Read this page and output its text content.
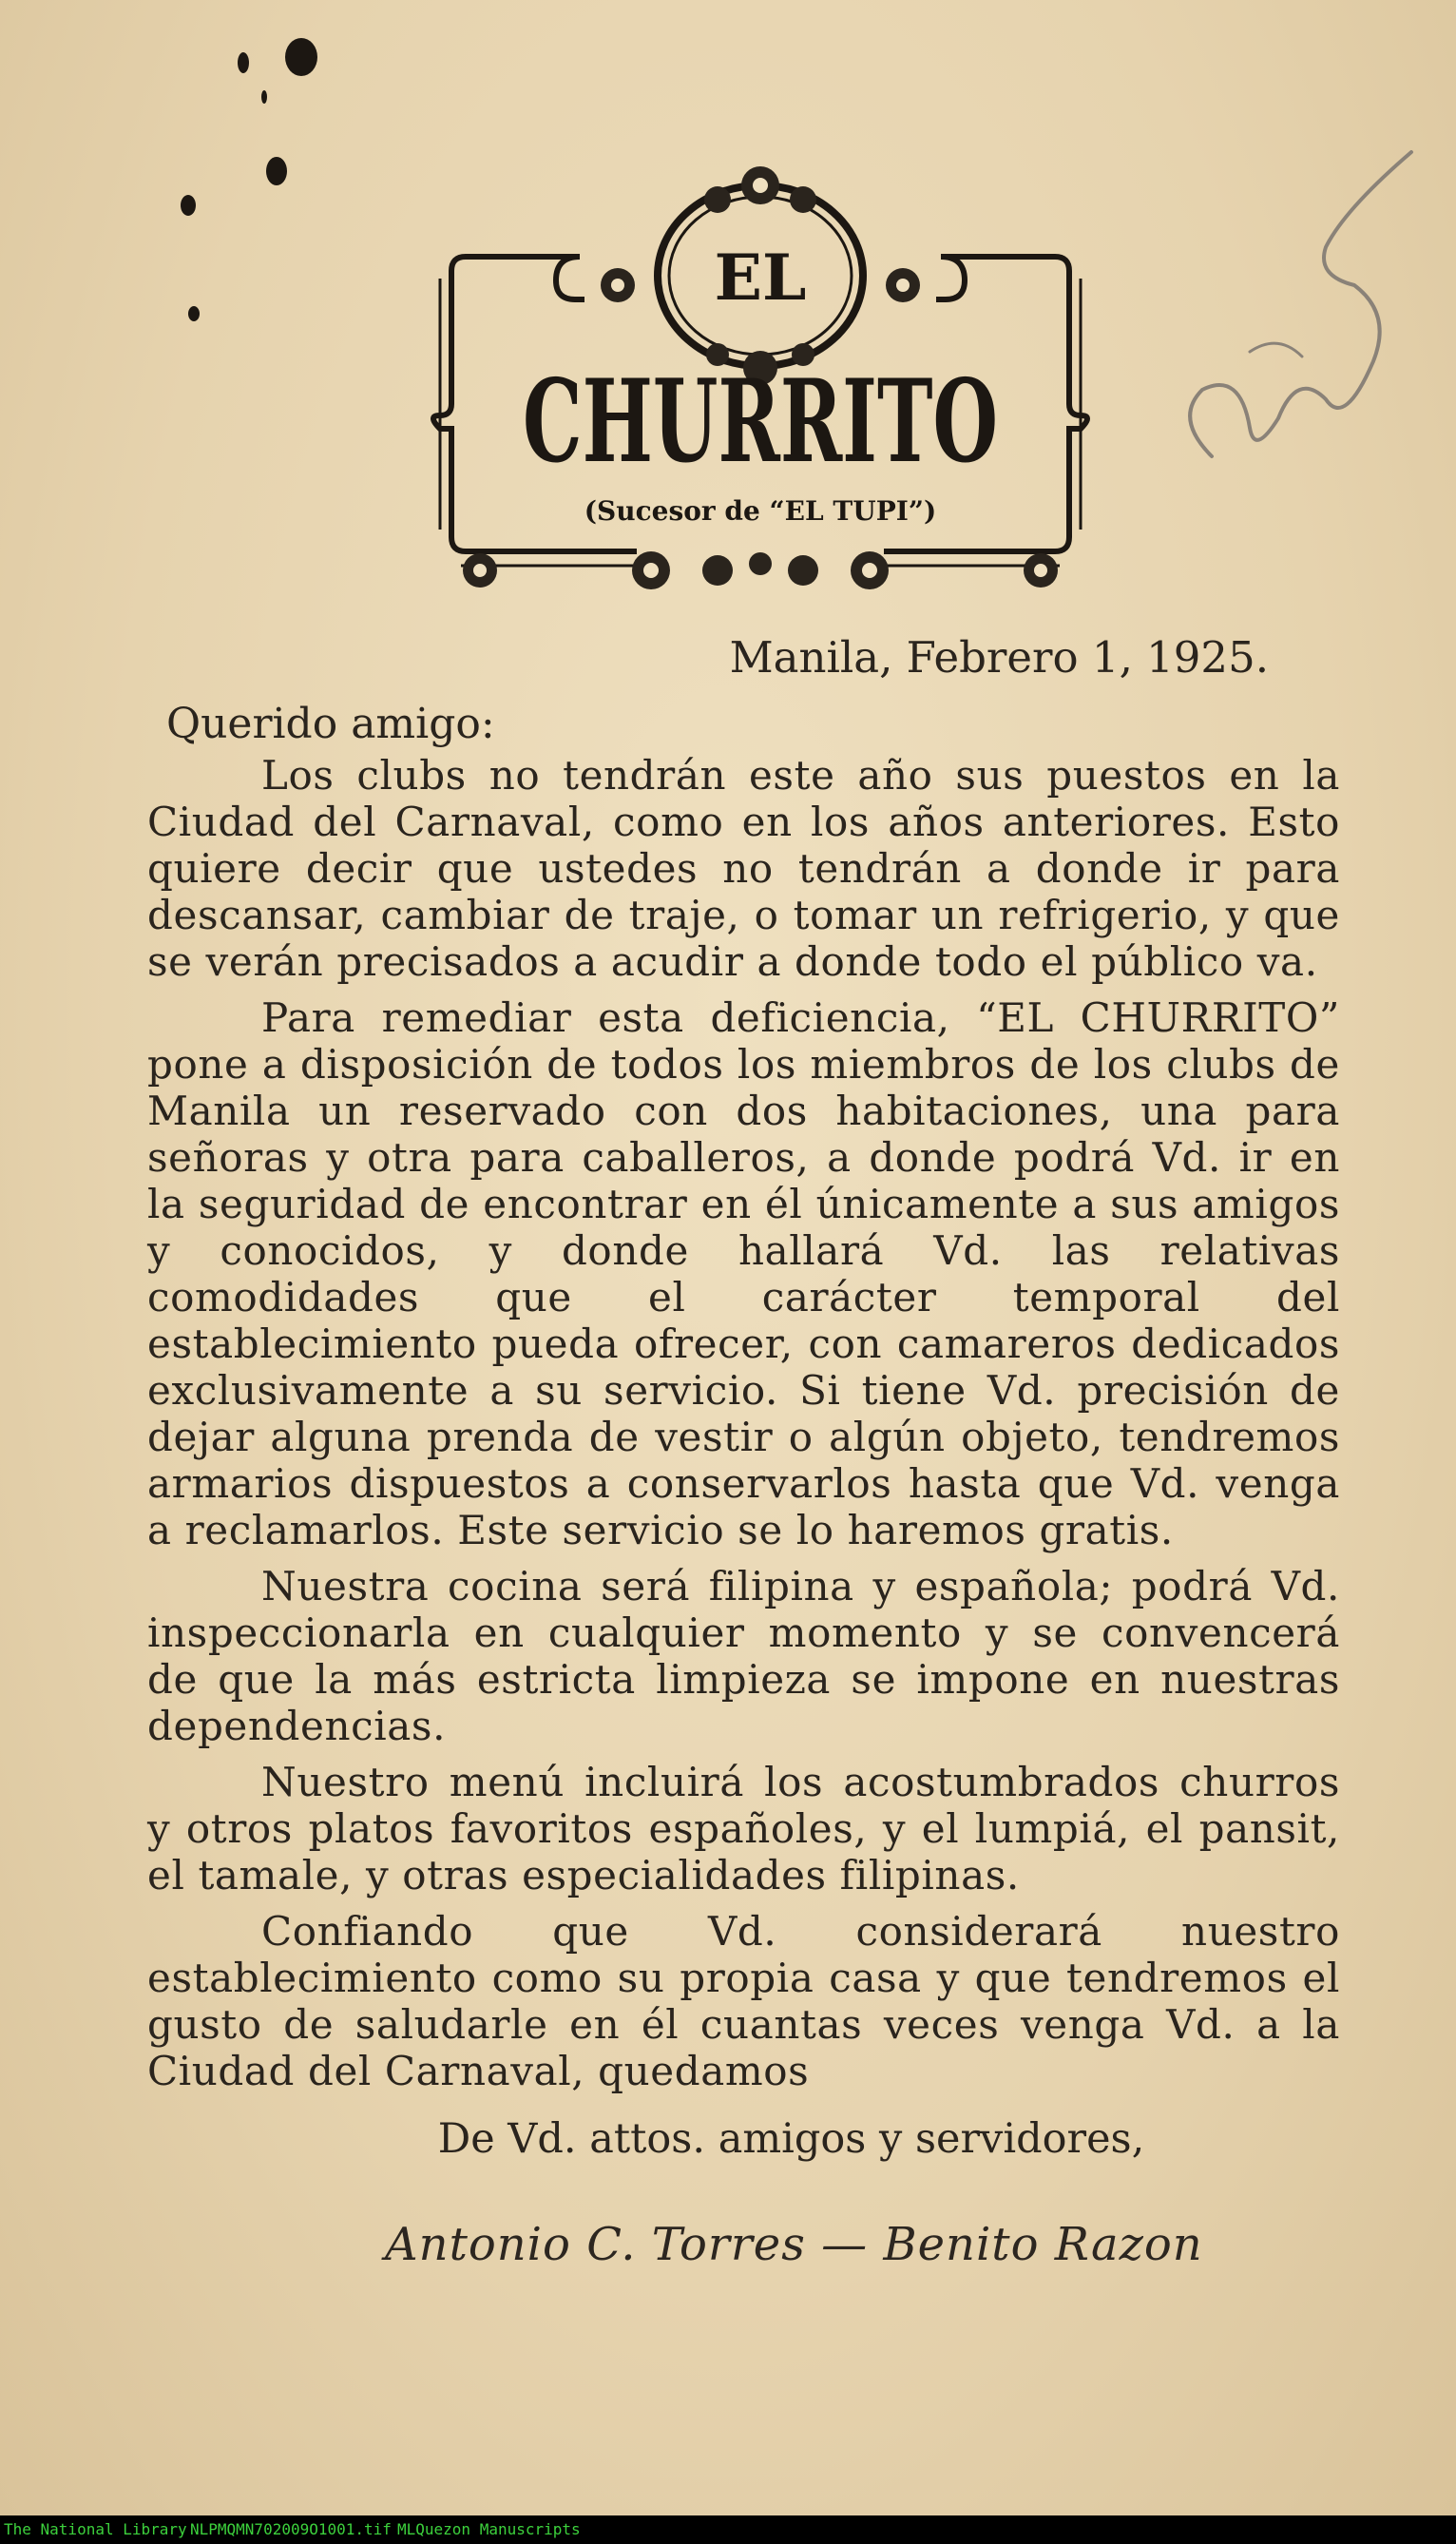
EL
CHURRITO
(Sucesor de “EL TUPI”)
Manila, Febrero 1, 1925.
Querido amigo:

Los clubs no tendrán este año sus puestos en la Ciudad del Carnaval, como en los años anteriores. Esto quiere decir que ustedes no tendrán a donde ir para descansar, cambiar de traje, o tomar un refrigerio, y que se verán precisados a acudir a donde todo el público va.

Para remediar esta deficiencia, “EL CHURRITO” pone a disposición de todos los miembros de los clubs de Manila un reservado con dos habitaciones, una para señoras y otra para caballeros, a donde podrá Vd. ir en la seguridad de encontrar en él únicamente a sus amigos y conocidos, y donde hallará Vd. las relativas comodidades que el carácter temporal del establecimiento pueda ofrecer, con camareros dedicados exclusivamente a su servicio. Si tiene Vd. precisión de dejar alguna prenda de vestir o algún objeto, tendremos armarios dispuestos a conservarlos hasta que Vd. venga a reclamarlos. Este servicio se lo haremos gratis.

Nuestra cocina será filipina y española; podrá Vd. inspeccionarla en cualquier momento y se convencerá de que la más estricta limpieza se impone en nuestras dependencias.

Nuestro menú incluirá los acostumbrados churros y otros platos favoritos españoles, y el lumpiá, el pansit, el tamale, y otras especialidades filipinas.

Confiando que Vd. considerará nuestro establecimiento como su propia casa y que tendremos el gusto de saludarle en él cuantas veces venga Vd. a la Ciudad del Carnaval, quedamos

De Vd. attos. amigos y servidores,
Antonio C. Torres — Benito Razon
The National Library NLPMQMN702009O1001.tif MLQuezon Manuscripts
